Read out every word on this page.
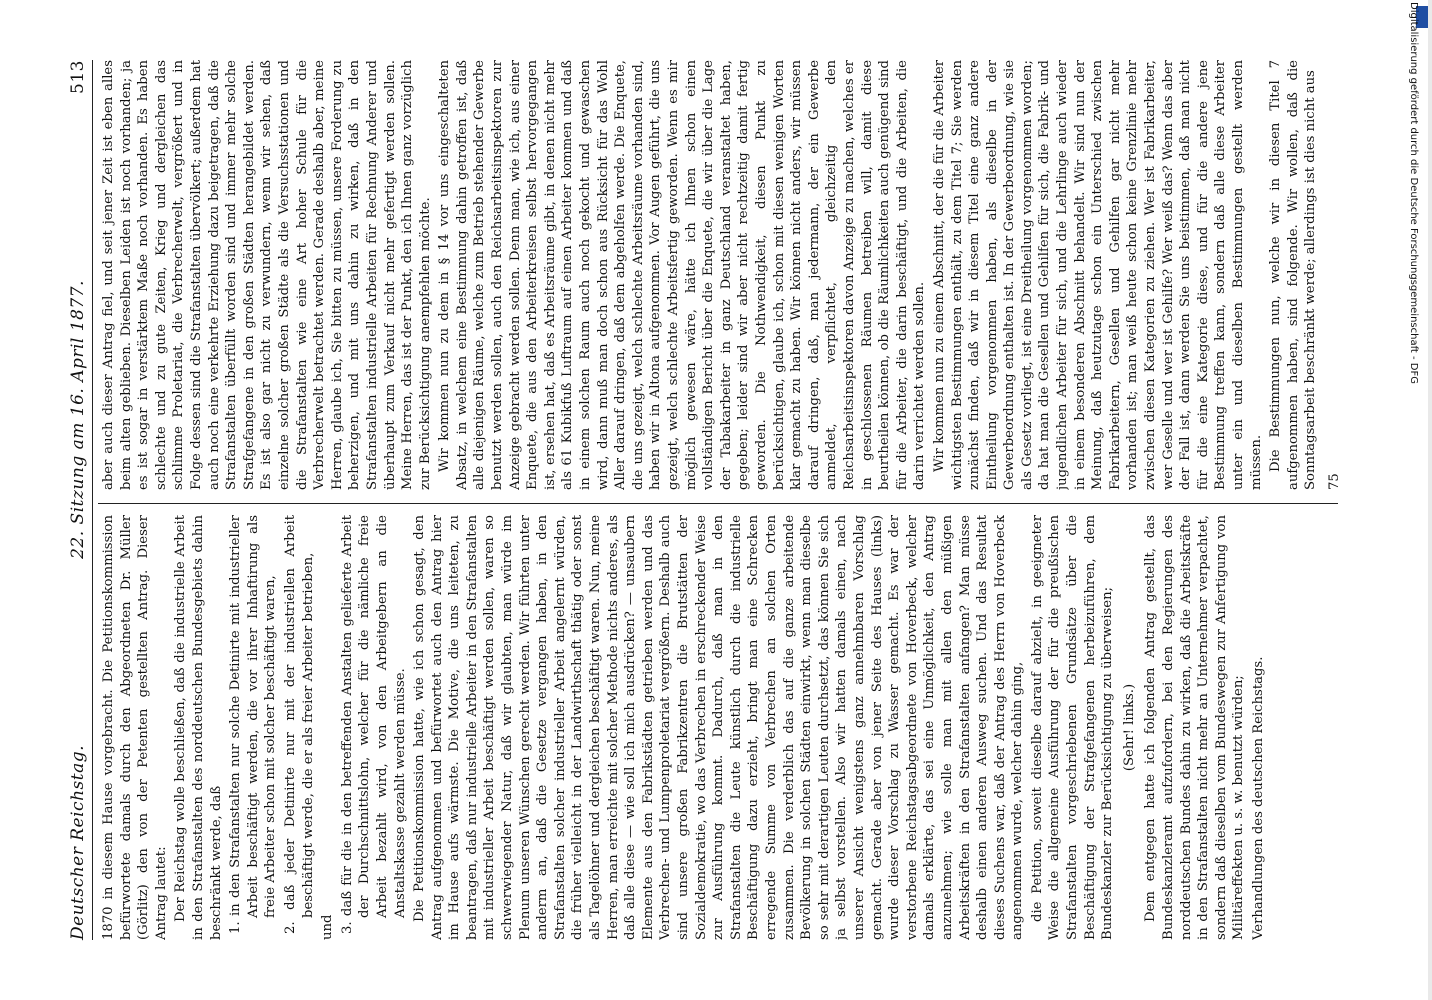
Deutscher Reichstag.
22. Sitzung am 16. April 1877.
513

1870 in diesem Hause vorgebracht. Die Petitionskommission befürwortete damals durch den Abgeordneten Dr. Müller (Görlitz) den von der Petenten gestellten Antrag. Dieser Antrag lautet: Der Reichstag wolle beschließen, daß die industrielle Arbeit in den Strafanstalten des norddeutschen Bundesgebiets dahin beschränkt werde, daß 1. in den Strafanstalten nur solche Detinirte mit industrieller Arbeit beschäftigt werden, die vor ihrer Inhaftirung als freie Arbeiter schon mit solcher beschäftigt waren, 2. daß jeder Detinirte nur mit der industriellen Arbeit beschäftigt werde, die er als freier Arbeiter betrieben,

und 3. daß für die in den betreffenden Anstalten gelieferte Arbeit der Durchschnittslohn, welcher für die nämliche freie Arbeit bezahlt wird, von den Arbeitgebern an die Anstaltskasse gezahlt werden müsse. Die Petitionskommission hatte, wie ich schon gesagt, den Antrag aufgenommen und befürwortet auch den Antrag hier im Hause aufs wärmste. Die Motive, die uns leiteten, zu beantragen, daß nur industrielle Arbeiter in den Strafanstalten mit industrieller Arbeit beschäftigt werden sollen, waren so schwerwiegender Natur, daß wir glaubten, man würde im Plenum unseren Wünschen gerecht werden. Wir führten unter anderm an, daß die Gesetze vergangen haben, in den Strafanstalten solcher industrieller Arbeit angelernt würden, die früher vielleicht in der Landwirthschaft thätig oder sonst als Tagelöhner und dergleichen beschäftigt waren. Nun, meine Herren, man erreichte mit solcher Methode nichts anderes, als daß alle diese — wie soll ich mich ausdrücken? — unsaubern Elemente aus den Fabrikstädten getrieben werden und das Verbrechen- und Lumpenproletariat vergrößern. Deshalb auch sind unsere großen Fabrikzentren die Brutstätten der Sozialdemokratie, wo das Verbrechen in erschreckender Weise zur Ausführung kommt. Dadurch, daß man in den Strafanstalten die Leute künstlich durch die industrielle Beschäftigung dazu erzieht, bringt man eine Schrecken erregende Summe von Verbrechen an solchen Orten zusammen. Die verderblich das auf die ganze arbeitende Bevölkerung in solchen Städten einwirkt, wenn man dieselbe so sehr mit derartigen Leuten durchsetzt, das können Sie sich ja selbst vorstellen. Also wir hatten damals einen, nach unserer Ansicht wenigstens ganz annehmbaren Vorschlag gemacht. Gerade aber von jener Seite des Hauses (links) wurde dieser Vorschlag zu Wasser gemacht. Es war der verstorbene Reichstagsabgeordnete von Hoverbeck, welcher damals erklärte, das sei eine Unmöglichkeit, den Antrag anzunehmen; wie solle man mit allen den müßigen Arbeitskräften in den Strafanstalten anfangen? Man müsse deshalb einen anderen Ausweg suchen. Und das Resultat dieses Suchens war, daß der Antrag des Herrn von Hoverbeck angenommen wurde, welcher dahin ging, die Petition, soweit dieselbe darauf abzielt, in geeigneter Weise die allgemeine Ausführung der für die preußischen Strafanstalten vorgeschriebenen Grundsätze über die Beschäftigung der Strafgefangenen herbeizuführen, dem Bundeskanzler zur Berücksichtigung zu überweisen; (Sehr! links.) Dem entgegen hatte ich folgenden Antrag gestellt, das Bundeskanzleramt aufzufordern, bei den Regierungen des norddeutschen Bundes dahin zu wirken, daß die Arbeitskräfte in den Strafanstalten nicht mehr an Unternehmer verpachtet, sondern daß dieselben vom Bundeswegen zur Anfertigung von Militäreffekten u. s. w. benutzt würden; Verhandlungen des deutschen Reichstags.

aber auch dieser Antrag fiel, und seit jener Zeit ist eben alles beim alten geblieben. Dieselben Leiden ist noch vorhanden; ja es ist sogar in verstärktem Maße noch vorhanden. Es haben schlechte und zu gute Zeiten, Krieg und dergleichen das schlimme Proletariat, die Verbrecherwelt, vergrößert und in Folge dessen sind die Strafanstalten übervölkert; außerdem hat auch noch eine verkehrte Erziehung dazu beigetragen, daß die Strafanstalten überfüllt worden sind und immer mehr solche Strafgefangene in den großen Städten herangebildet werden. Es ist also gar nicht zu verwundern, wenn wir sehen, daß einzelne solcher großen Städte als die Versuchsstationen und die Strafanstalten wie eine Art hoher Schule für die Verbrecherwelt betrachtet werden. Gerade deshalb aber, meine Herren, glaube ich, Sie bitten zu müssen, unsere Forderung zu beherzigen, und mit uns dahin zu wirken, daß in den Strafanstalten industrielle Arbeiten für Rechnung Anderer und überhaupt zum Verkauf nicht mehr gefertigt werden sollen. Meine Herren, das ist der Punkt, den ich Ihnen ganz vorzüglich zur Berücksichtigung anempfehlen möchte. Wir kommen nun zu dem in § 14 vor uns eingeschalteten Absatz, in welchem eine Bestimmung dahin getroffen ist, daß alle diejenigen Räume, welche zum Betrieb stehender Gewerbe benutzt werden sollen, auch den Reichsarbeitsinspektoren zur Anzeige gebracht werden sollen. Denn man, wie ich, aus einer Enquete, die aus den Arbeiterkreisen selbst hervorgegangen ist, ersehen hat, daß es Arbeitsräume gibt, in denen nicht mehr als 61 Kubikfuß Luftraum auf einen Arbeiter kommen und daß in einem solchen Raum auch noch gekocht und gewaschen wird, dann muß man doch schon aus Rücksicht für das Wohl Aller darauf dringen, daß dem abgeholfen werde. Die Enquete, die uns gezeigt, welch schlechte Arbeitsräume vorhanden sind, haben wir in Altona aufgenommen. Vor Augen geführt, die uns gezeigt, welch schlechte Arbeitsfertig geworden. Wenn es mir möglich gewesen wäre, hätte ich Ihnen schon einen vollständigen Bericht über die Enquete, die wir über die Lage der Tabakarbeiter in ganz Deutschland veranstaltet haben, gegeben; leider sind wir aber nicht rechtzeitig damit fertig geworden. Die Nothwendigkeit, diesen Punkt zu berücksichtigen, glaube ich, schon mit diesen wenigen Worten klar gemacht zu haben. Wir können nicht anders, wir müssen darauf dringen, daß, man jedermann, der ein Gewerbe anmeldet, verpflichtet, gleichzeitig den Reichsarbeitsinspektoren davon Anzeige zu machen, welches er in geschlossenen Räumen betreiben will, damit diese beurtheilen können, ob die Räumlichkeiten auch genügend sind für die Arbeiter, die darin beschäftigt, und die Arbeiten, die darin verrichtet werden sollen. Wir kommen nun zu einem Abschnitt, der die für die Arbeiter wichtigsten Bestimmungen enthält, zu dem Titel 7; Sie werden zunächst finden, daß wir in diesem Titel eine ganz andere Eintheilung vorgenommen haben, als dieselbe in der Gewerbeordnung enthalten ist. In der Gewerbeordnung, wie sie als Gesetz vorliegt, ist eine Dreitheilung vorgenommen worden; da hat man die Gesellen und Gehilfen für sich, die Fabrik- und jugendlichen Arbeiter für sich, und die Lehrlinge auch wieder in einem besonderen Abschnitt behandelt. Wir sind nun der Meinung, daß heutzutage schon ein Unterschied zwischen Fabrikarbeitern, Gesellen und Gehilfen gar nicht mehr vorhanden ist; man weiß heute schon keine Grenzlinie mehr zwischen diesen Kategorien zu ziehen. Wer ist Fabrikarbeiter, wer Geselle und wer ist Gehilfe? Wer weiß das? Wenn das aber der Fall ist, dann werden Sie uns beistimmen, daß man nicht für die eine Kategorie diese, und für die andere jene Bestimmung treffen kann, sondern daß alle diese Arbeiter unter ein und dieselben Bestimmungen gestellt werden müssen. Die Bestimmungen nun, welche wir in diesen Titel 7 aufgenommen haben, sind folgende. Wir wollen, daß die Sonntagsarbeit beschränkt werde; allerdings ist dies nicht aus 75

Digitalisierung gefördert durch die Deutsche Forschungsgemeinschaft - DFG
